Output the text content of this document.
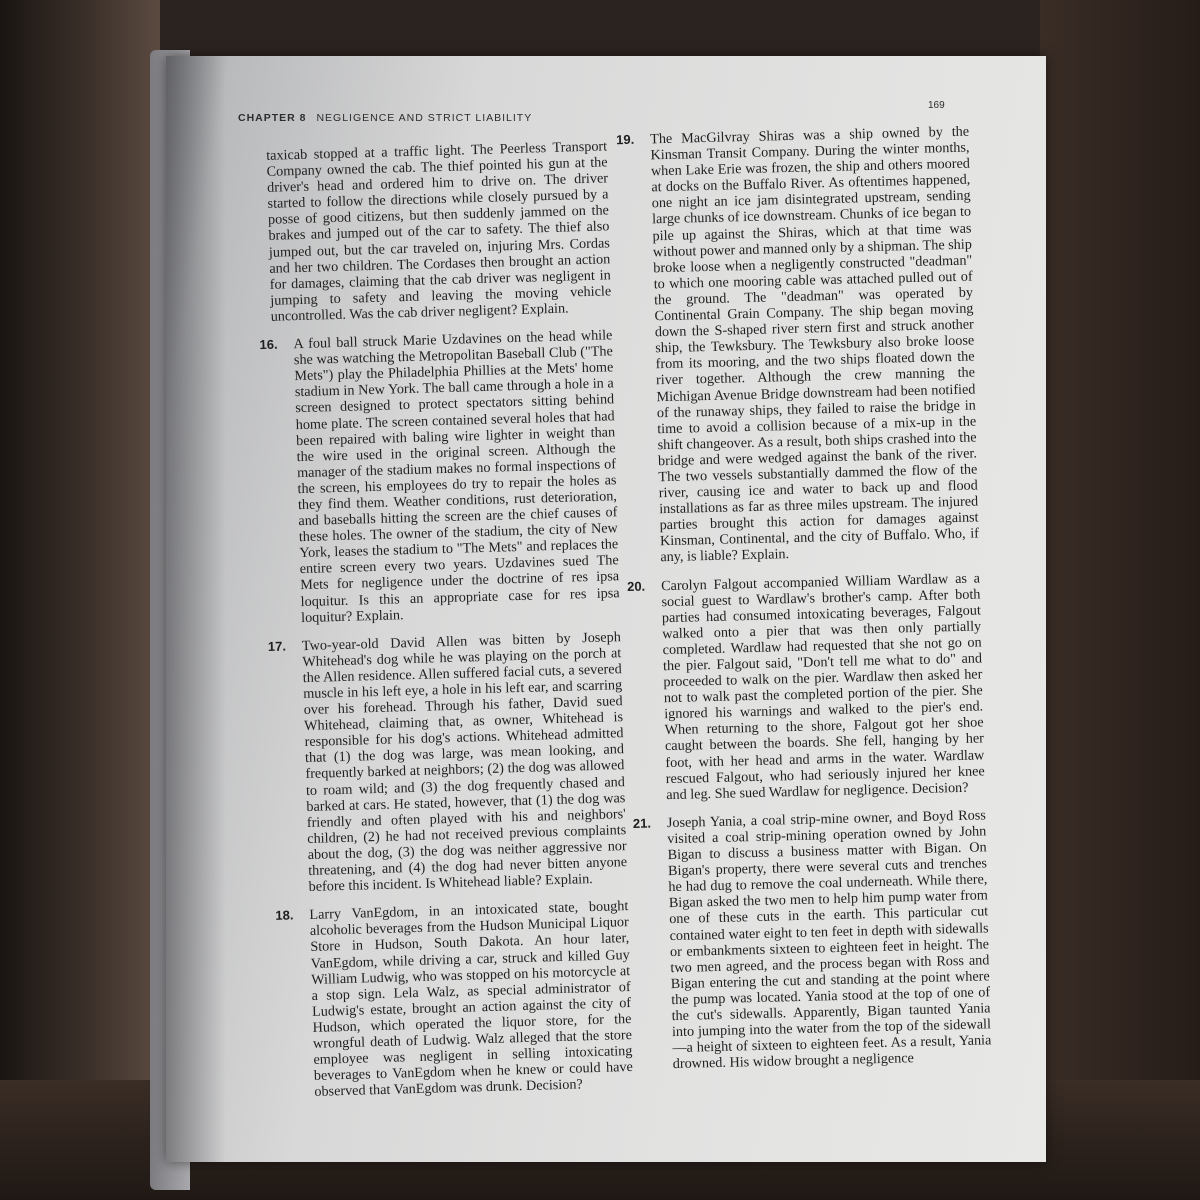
CHAPTER 8 NEGLIGENCE AND STRICT LIABILITY
169
taxicab stopped at a traffic light. The Peerless Transport Company owned the cab. The thief pointed his gun at the driver's head and ordered him to drive on. The driver started to follow the directions while closely pursued by a posse of good citizens, but then suddenly jammed on the brakes and jumped out of the car to safety. The thief also jumped out, but the car traveled on, injuring Mrs. Cordas and her two children. The Cordases then brought an action for damages, claiming that the cab driver was negligent in jumping to safety and leaving the moving vehicle uncontrolled. Was the cab driver negligent? Explain.
16. A foul ball struck Marie Uzdavines on the head while she was watching the Metropolitan Baseball Club ("The Mets") play the Philadelphia Phillies at the Mets' home stadium in New York. The ball came through a hole in a screen designed to protect spectators sitting behind home plate. The screen contained several holes that had been repaired with baling wire lighter in weight than the wire used in the original screen. Although the manager of the stadium makes no formal inspections of the screen, his employees do try to repair the holes as they find them. Weather conditions, rust deterioration, and baseballs hitting the screen are the chief causes of these holes. The owner of the stadium, the city of New York, leases the stadium to "The Mets" and replaces the entire screen every two years. Uzdavines sued The Mets for negligence under the doctrine of res ipsa loquitur. Is this an appropriate case for res ipsa loquitur? Explain.
17. Two-year-old David Allen was bitten by Joseph Whitehead's dog while he was playing on the porch at the Allen residence. Allen suffered facial cuts, a severed muscle in his left eye, a hole in his left ear, and scarring over his forehead. Through his father, David sued Whitehead, claiming that, as owner, Whitehead is responsible for his dog's actions. Whitehead admitted that (1) the dog was large, was mean looking, and frequently barked at neighbors; (2) the dog was allowed to roam wild; and (3) the dog frequently chased and barked at cars. He stated, however, that (1) the dog was friendly and often played with his and neighbors' children, (2) he had not received previous complaints about the dog, (3) the dog was neither aggressive nor threatening, and (4) the dog had never bitten anyone before this incident. Is Whitehead liable? Explain.
18. Larry VanEgdom, in an intoxicated state, bought alcoholic beverages from the Hudson Municipal Liquor Store in Hudson, South Dakota. An hour later, VanEgdom, while driving a car, struck and killed Guy William Ludwig, who was stopped on his motorcycle at a stop sign. Lela Walz, as special administrator of Ludwig's estate, brought an action against the city of Hudson, which operated the liquor store, for the wrongful death of Ludwig. Walz alleged that the store employee was negligent in selling intoxicating beverages to VanEgdom when he knew or could have observed that VanEgdom was drunk. Decision?
19. The MacGilvray Shiras was a ship owned by the Kinsman Transit Company. During the winter months, when Lake Erie was frozen, the ship and others moored at docks on the Buffalo River. As oftentimes happened, one night an ice jam disintegrated upstream, sending large chunks of ice downstream. Chunks of ice began to pile up against the Shiras, which at that time was without power and manned only by a shipman. The ship broke loose when a negligently constructed "deadman" to which one mooring cable was attached pulled out of the ground. The "deadman" was operated by Continental Grain Company. The ship began moving down the S-shaped river stern first and struck another ship, the Tewksbury. The Tewksbury also broke loose from its mooring, and the two ships floated down the river together. Although the crew manning the Michigan Avenue Bridge downstream had been notified of the runaway ships, they failed to raise the bridge in time to avoid a collision because of a mix-up in the shift changeover. As a result, both ships crashed into the bridge and were wedged against the bank of the river. The two vessels substantially dammed the flow of the river, causing ice and water to back up and flood installations as far as three miles upstream. The injured parties brought this action for damages against Kinsman, Continental, and the city of Buffalo. Who, if any, is liable? Explain.
20. Carolyn Falgout accompanied William Wardlaw as a social guest to Wardlaw's brother's camp. After both parties had consumed intoxicating beverages, Falgout walked onto a pier that was then only partially completed. Wardlaw had requested that she not go on the pier. Falgout said, "Don't tell me what to do" and proceeded to walk on the pier. Wardlaw then asked her not to walk past the completed portion of the pier. She ignored his warnings and walked to the pier's end. When returning to the shore, Falgout got her shoe caught between the boards. She fell, hanging by her foot, with her head and arms in the water. Wardlaw rescued Falgout, who had seriously injured her knee and leg. She sued Wardlaw for negligence. Decision?
21. Joseph Yania, a coal strip-mine owner, and Boyd Ross visited a coal strip-mining operation owned by John Bigan to discuss a business matter with Bigan. On Bigan's property, there were several cuts and trenches he had dug to remove the coal underneath. While there, Bigan asked the two men to help him pump water from one of these cuts in the earth. This particular cut contained water eight to ten feet in depth with sidewalls or embankments sixteen to eighteen feet in height. The two men agreed, and the process began with Ross and Bigan entering the cut and standing at the point where the pump was located. Yania stood at the top of one of the cut's sidewalls. Apparently, Bigan taunted Yania into jumping into the water from the top of the sidewall—a height of sixteen to eighteen feet. As a result, Yania drowned. His widow brought a negligence
